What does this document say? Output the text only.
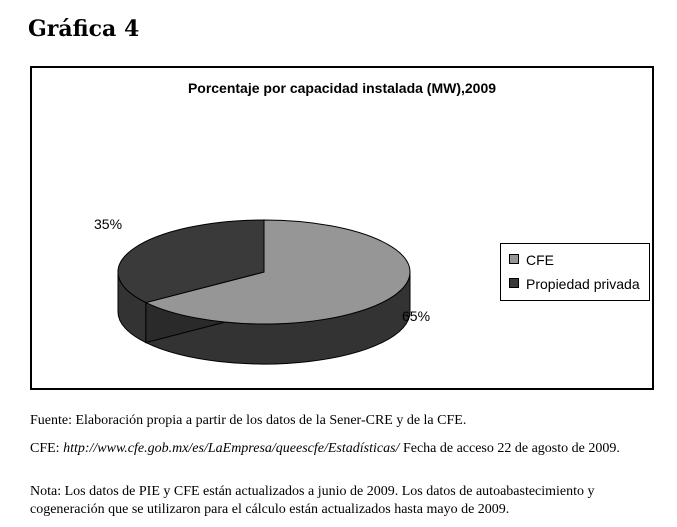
Gráfica 4
Porcentaje por capacidad instalada (MW),2009
35%
65%
CFE
Propiedad privada
Fuente: Elaboración propia a partir de los datos de la Sener-CRE y de la CFE.
CFE: http://www.cfe.gob.mx/es/LaEmpresa/queescfe/Estadísticas/ Fecha de acceso 22 de agosto de 2009.
Nota: Los datos de PIE y CFE están actualizados a junio de 2009. Los datos de autoabastecimiento y cogeneración que se utilizaron para el cálculo están actualizados hasta mayo de 2009.
